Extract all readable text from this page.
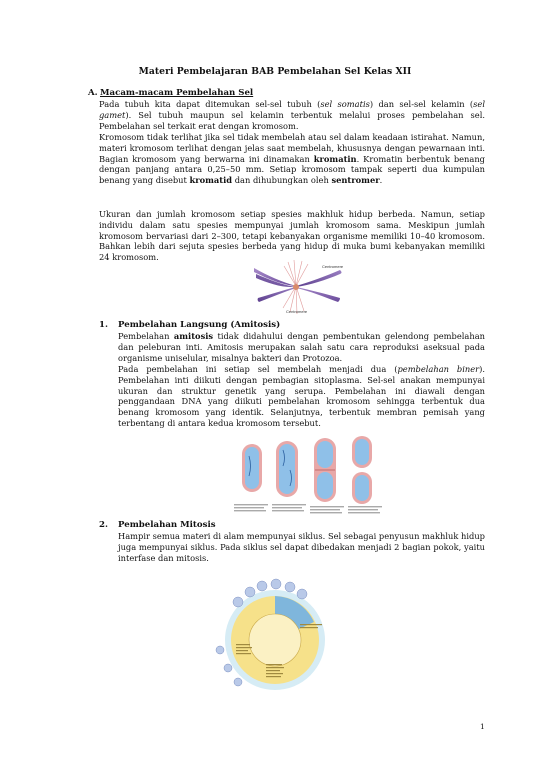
Materi Pembelajaran BAB Pembelahan Sel Kelas XII
A. Macam-macam Pembelahan Sel

Pada tubuh kita dapat ditemukan sel-sel tubuh (sel somatis) dan sel-sel kelamin (sel gamet). Sel tubuh maupun sel kelamin terbentuk melalui proses pembelahan sel. Pembelahan sel terkait erat dengan kromosom.

Kromosom tidak terlihat jika sel tidak membelah atau sel dalam keadaan istirahat. Namun, materi kromosom terlihat dengan jelas saat membelah, khususnya dengan pewarnaan inti. Bagian kromosom yang berwarna ini dinamakan kromatin. Kromatin berbentuk benang dengan panjang antara 0,25–50 mm. Setiap kromosom tampak seperti dua kumpulan benang yang disebut kromatid dan dihubungkan oleh sentromer.

Ukuran dan jumlah kromosom setiap spesies makhluk hidup berbeda. Namun, setiap individu dalam satu spesies mempunyai jumlah kromosom sama. Meskipun jumlah kromosom bervariasi dari 2–300, tetapi kebanyakan organisme memiliki 10–40 kromosom. Bahkan lebih dari sejuta spesies berbeda yang hidup di muka bumi kebanyakan memiliki 24 kromosom.

Centromere
Centromere
1. Pembelahan Langsung (Amitosis)

Pembelahan amitosis tidak didahului dengan pembentukan gelendong pembelahan dan peleburan inti. Amitosis merupakan salah satu cara reproduksi aseksual pada organisme uniselular, misalnya bakteri dan Protozoa.

Pada pembelahan ini setiap sel membelah menjadi dua (pembelahan biner). Pembelahan inti diikuti dengan pembagian sitoplasma. Sel-sel anakan mempunyai ukuran dan struktur genetik yang serupa. Pembelahan ini diawali dengan penggandaan DNA yang diikuti pembelahan kromosom sehingga terbentuk dua benang kromosom yang identik. Selanjutnya, terbentuk membran pemisah yang terbentang di antara kedua kromosom tersebut.

2. Pembelahan Mitosis

Hampir semua materi di alam mempunyai siklus. Sel sebagai penyusun makhluk hidup juga mempunyai siklus. Pada siklus sel dapat dibedakan menjadi 2 bagian pokok, yaitu interfase dan mitosis.

1
